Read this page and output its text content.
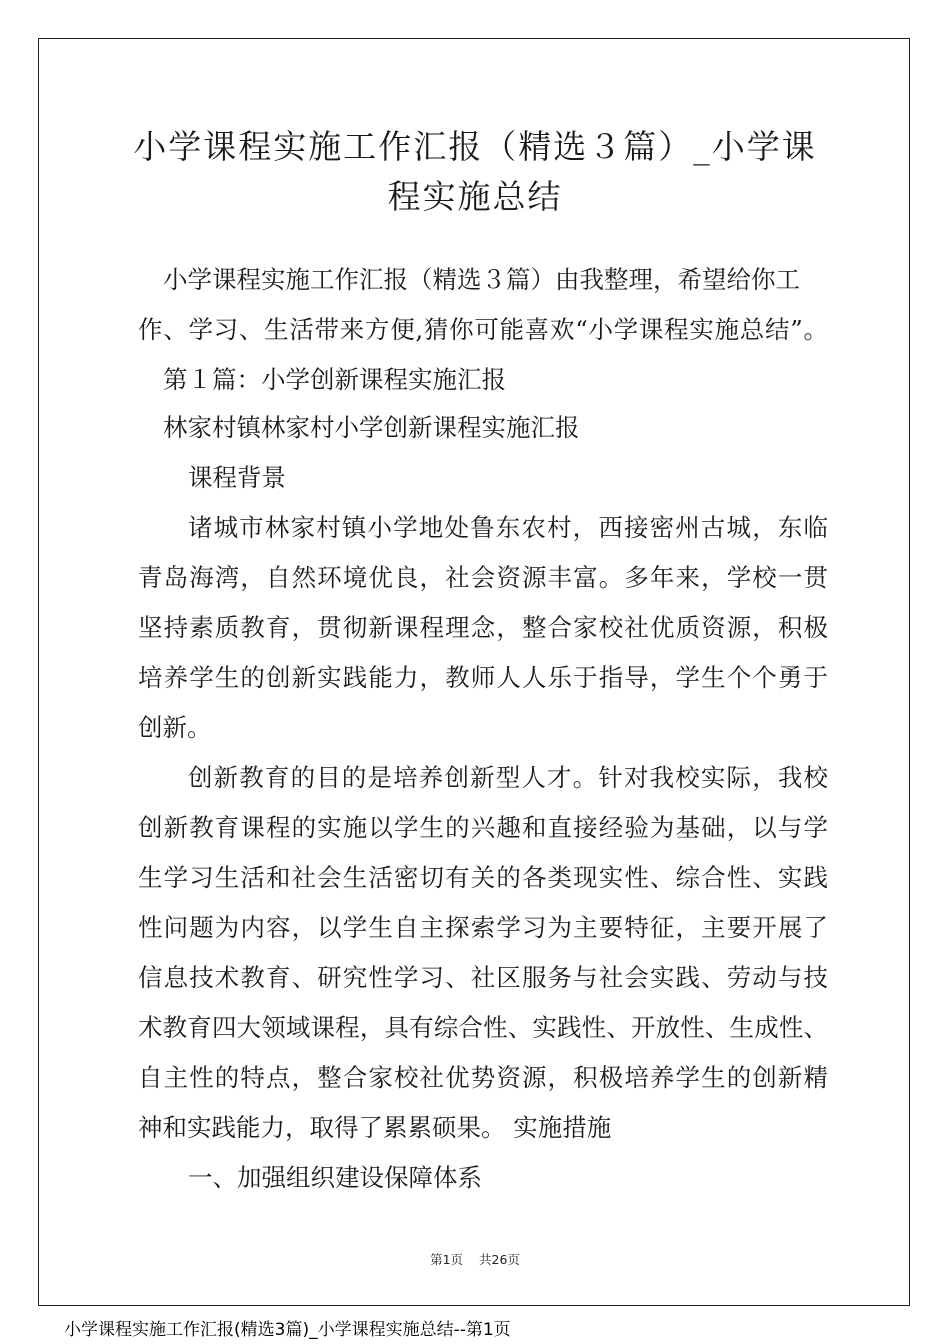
小学课程实施工作汇报（精选３篇）_小学课
程实施总结
小学课程实施工作汇报（精选３篇）由我整理，希望给你工
作、学习、生活带来方便,猜你可能喜欢“小学课程实施总结”。
第１篇：小学创新课程实施汇报
林家村镇林家村小学创新课程实施汇报
课程背景
诸城市林家村镇小学地处鲁东农村，西接密州古城，东临
青岛海湾，自然环境优良，社会资源丰富。多年来，学校一贯
坚持素质教育，贯彻新课程理念，整合家校社优质资源，积极
培养学生的创新实践能力，教师人人乐于指导，学生个个勇于
创新。
创新教育的目的是培养创新型人才。针对我校实际，我校
创新教育课程的实施以学生的兴趣和直接经验为基础，以与学
生学习生活和社会生活密切有关的各类现实性、综合性、实践
性问题为内容，以学生自主探索学习为主要特征，主要开展了
信息技术教育、研究性学习、社区服务与社会实践、劳动与技
术教育四大领域课程，具有综合性、实践性、开放性、生成性、
自主性的特点，整合家校社优势资源，积极培养学生的创新精
神和实践能力，取得了累累硕果。 实施措施
一、加强组织建设保障体系
第1页 共26页
小学课程实施工作汇报(精选3篇)_小学课程实施总结--第1页
